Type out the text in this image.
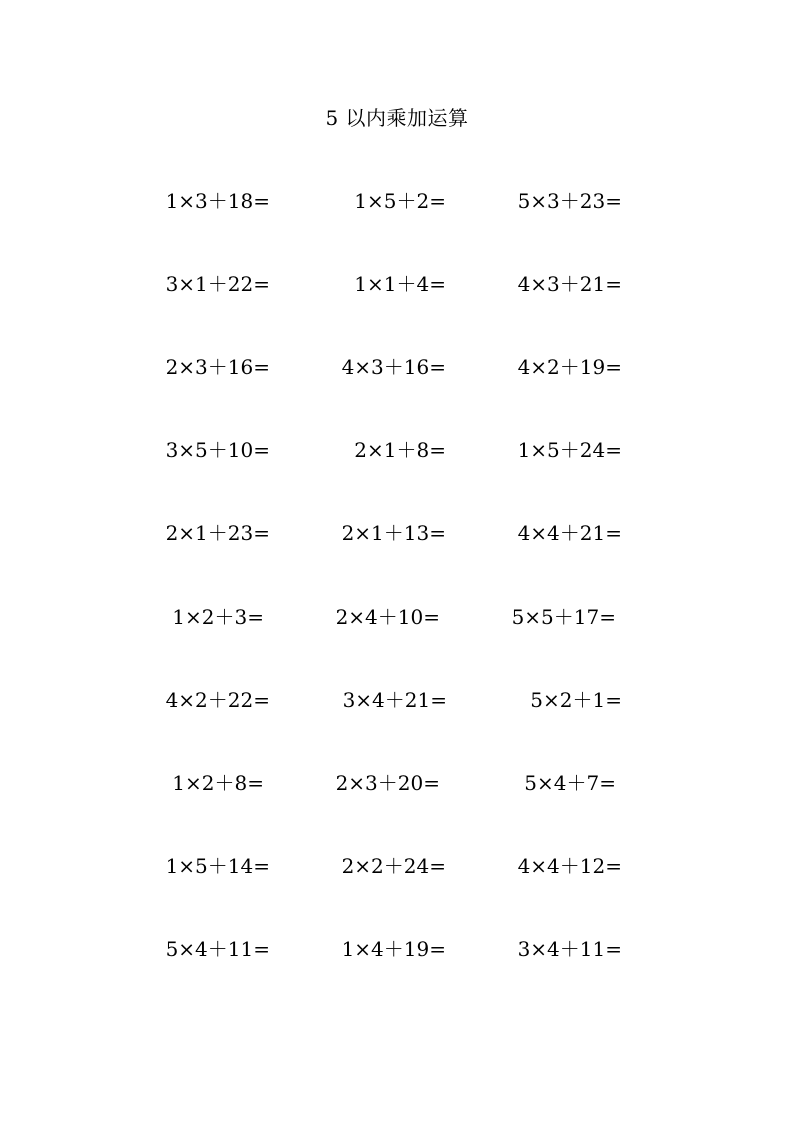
5 以内乘加运算
1×3＋18=	1×5＋2=	5×3＋23=
3×1＋22=	1×1＋4=	4×3＋21=
2×3＋16=	4×3＋16=	4×2＋19=
3×5＋10=	2×1＋8=	1×5＋24=
2×1＋23=	2×1＋13=	4×4＋21=
1×2＋3=	2×4＋10=	5×5＋17=
4×2＋22=	3×4＋21=	5×2＋1=
1×2＋8=	2×3＋20=	5×4＋7=
1×5＋14=	2×2＋24=	4×4＋12=
5×4＋11=	1×4＋19=	3×4＋11=
